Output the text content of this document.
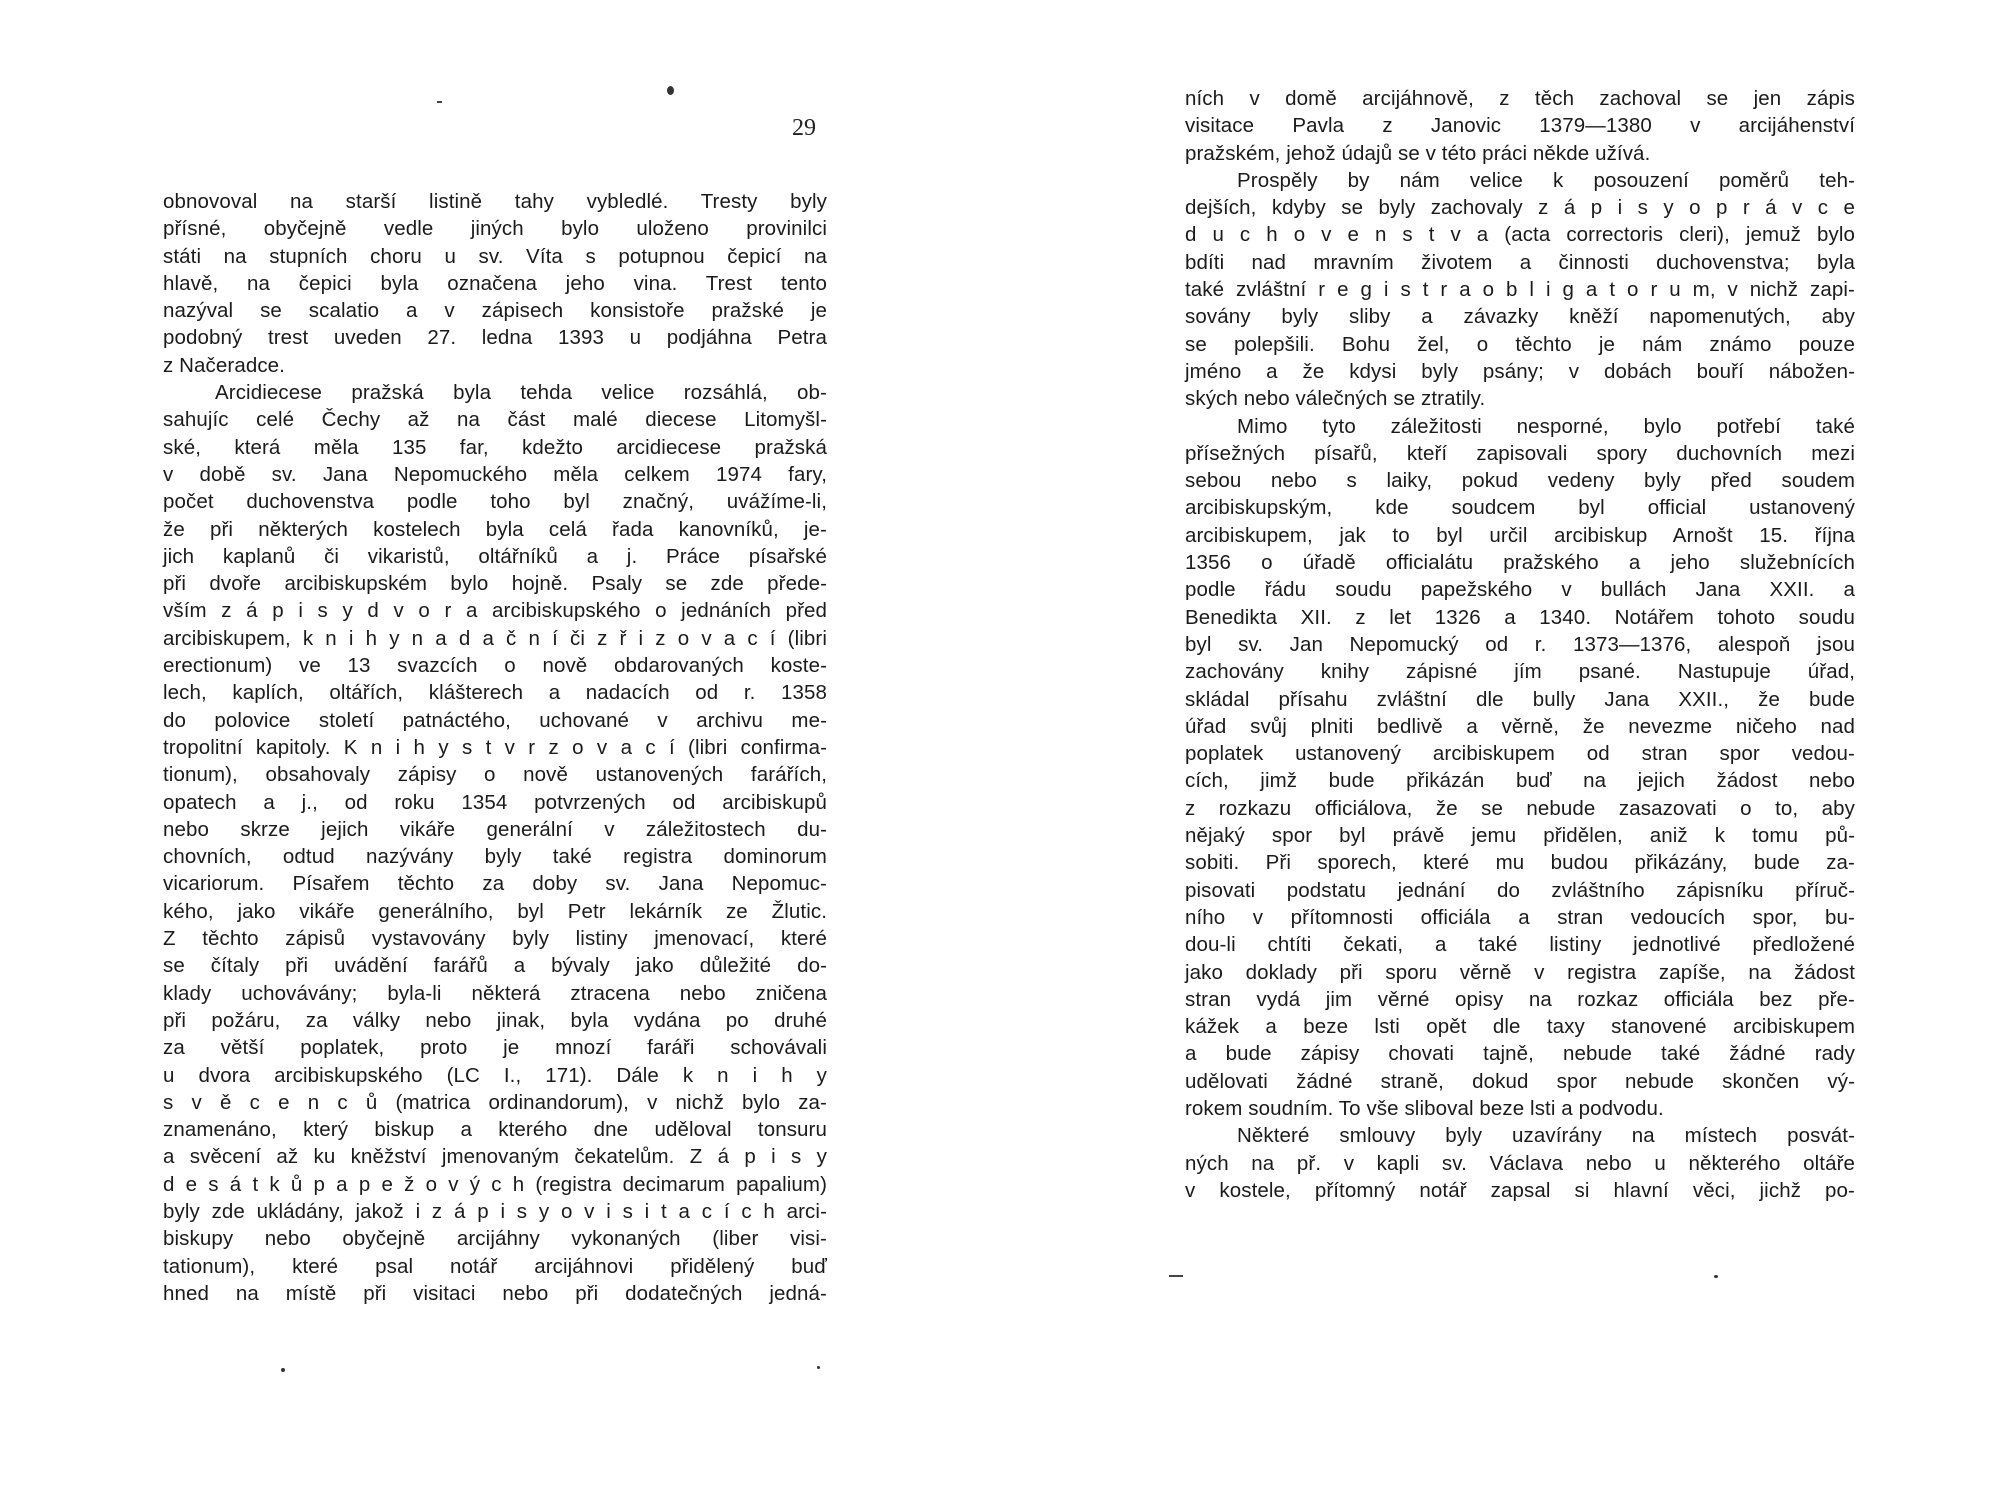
29
obnovoval na starší listině tahy vybledlé. Tresty byly
přísné, obyčejně vedle jiných bylo uloženo provinilci
státi na stupních choru u sv. Víta s potupnou čepicí na
hlavě, na čepici byla označena jeho vina. Trest tento
nazýval se scalatio a v zápisech konsistoře pražské je
podobný trest uveden 27. ledna 1393 u podjáhna Petra
z Načeradce.
Arcidiecese pražská byla tehda velice rozsáhlá, ob-
sahujíc celé Čechy až na část malé diecese Litomyšl-
ské, která měla 135 far, kdežto arcidiecese pražská
v době sv. Jana Nepomuckého měla celkem 1974 fary,
počet duchovenstva podle toho byl značný, uvážíme-li,
že při některých kostelech byla celá řada kanovníků, je-
jich kaplanů či vikaristů, oltářníků a j. Práce písařské
při dvoře arcibiskupském bylo hojně. Psaly se zde přede-
vším z á p i s y d v o r a arcibiskupského o jednáních před
arcibiskupem, k n i h y n a d a č n í či z ř i z o v a c í (libri
erectionum) ve 13 svazcích o nově obdarovaných koste-
lech, kaplích, oltářích, klášterech a nadacích od r. 1358
do polovice století patnáctého, uchované v archivu me-
tropolitní kapitoly. K n i h y s t v r z o v a c í (libri confirma-
tionum), obsahovaly zápisy o nově ustanovených farářích,
opatech a j., od roku 1354 potvrzených od arcibiskupů
nebo skrze jejich vikáře generální v záležitostech du-
chovních, odtud nazývány byly také registra dominorum
vicariorum. Písařem těchto za doby sv. Jana Nepomuc-
kého, jako vikáře generálního, byl Petr lekárník ze Žlutic.
Z těchto zápisů vystavovány byly listiny jmenovací, které
se čítaly při uvádění farářů a bývaly jako důležité do-
klady uchovávány; byla-li některá ztracena nebo zničena
při požáru, za války nebo jinak, byla vydána po druhé
za větší poplatek, proto je mnozí faráři schovávali
u dvora arcibiskupského (LC I., 171). Dále k n i h y
s v ě c e n c ů (matrica ordinandorum), v nichž bylo za-
znamenáno, který biskup a kterého dne uděloval tonsuru
a svěcení až ku kněžství jmenovaným čekatelům. Z á p i s y
d e s á t k ů p a p e ž o v ý c h (registra decimarum papalium)
byly zde ukládány, jakož i z á p i s y o v i s i t a c í c h arci-
biskupy nebo obyčejně arcijáhny vykonaných (liber visi-
tationum), které psal notář arcijáhnovi přidělený buď
hned na místě při visitaci nebo při dodatečných jedná-
ních v domě arcijáhnově, z těch zachoval se jen zápis
visitace Pavla z Janovic 1379—1380 v arcijáhenství
pražském, jehož údajů se v této práci někde užívá.
Prospěly by nám velice k posouzení poměrů teh-
dejších, kdyby se byly zachovaly z á p i s y o p r á v c e
d u c h o v e n s t v a (acta correctoris cleri), jemuž bylo
bdíti nad mravním životem a činnosti duchovenstva; byla
také zvláštní r e g i s t r a o b l i g a t o r u m, v nichž zapi-
sovány byly sliby a závazky kněží napomenutých, aby
se polepšili. Bohu žel, o těchto je nám známo pouze
jméno a že kdysi byly psány; v dobách bouří nábožen-
ských nebo válečných se ztratily.
Mimo tyto záležitosti nesporné, bylo potřebí také
přísežných písařů, kteří zapisovali spory duchovních mezi
sebou nebo s laiky, pokud vedeny byly před soudem
arcibiskupským, kde soudcem byl official ustanovený
arcibiskupem, jak to byl určil arcibiskup Arnošt 15. října
1356 o úřadě officialátu pražského a jeho služebnících
podle řádu soudu papežského v bullách Jana XXII. a
Benedikta XII. z let 1326 a 1340. Notářem tohoto soudu
byl sv. Jan Nepomucký od r. 1373—1376, alespoň jsou
zachovány knihy zápisné jím psané. Nastupuje úřad,
skládal přísahu zvláštní dle bully Jana XXII., že bude
úřad svůj plniti bedlivě a věrně, že nevezme ničeho nad
poplatek ustanovený arcibiskupem od stran spor vedou-
cích, jimž bude přikázán buď na jejich žádost nebo
z rozkazu officiálova, že se nebude zasazovati o to, aby
nějaký spor byl právě jemu přidělen, aniž k tomu pů-
sobiti. Při sporech, které mu budou přikázány, bude za-
pisovati podstatu jednání do zvláštního zápisníku příruč-
ního v přítomnosti officiála a stran vedoucích spor, bu-
dou-li chtíti čekati, a také listiny jednotlivé předložené
jako doklady při sporu věrně v registra zapíše, na žádost
stran vydá jim věrné opisy na rozkaz officiála bez pře-
kážek a beze lsti opět dle taxy stanovené arcibiskupem
a bude zápisy chovati tajně, nebude také žádné rady
udělovati žádné straně, dokud spor nebude skončen vý-
rokem soudním. To vše sliboval beze lsti a podvodu.
Některé smlouvy byly uzavírány na místech posvát-
ných na př. v kapli sv. Václava nebo u některého oltáře
v kostele, přítomný notář zapsal si hlavní věci, jichž po-
